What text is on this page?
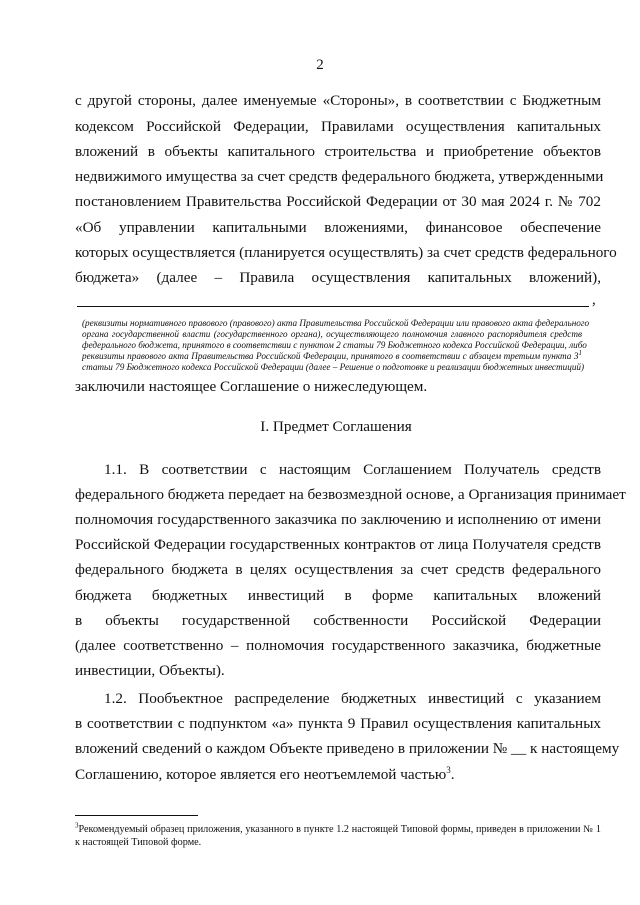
2
с другой стороны, далее именуемые «Стороны», в соответствии с Бюджетным
кодексом Российской Федерации, Правилами осуществления капитальных
вложений в объекты капитального строительства и приобретение объектов
недвижимого имущества за счет средств федерального бюджета, утвержденными
постановлением Правительства Российской Федерации от 30 мая 2024 г. № 702
«Об управлении капитальными вложениями, финансовое обеспечение
которых осуществляется (планируется осуществлять) за счет средств федерального
бюджета» (далее – Правила осуществления капитальных вложений),
,
(реквизиты нормативного правового (правового) акта Правительства Российской Федерации или правового акта федерального
органа государственной власти (государственного органа), осуществляющего полномочия главного распорядителя средств
федерального бюджета, принятого в соответствии с пунктом 2 статьи 79 Бюджетного кодекса Российской Федерации, либо
реквизиты правового акта Правительства Российской Федерации, принятого в соответствии с абзацем третьим пункта $3^1$
статьи 79 Бюджетного кодекса Российской Федерации (далее – Решение о подготовке и реализации бюджетных инвестиций)
заключили настоящее Соглашение о нижеследующем.
I. Предмет Соглашения
1.1. В соответствии с настоящим Соглашением Получатель средств
федерального бюджета передает на безвозмездной основе, а Организация принимает
полномочия государственного заказчика по заключению и исполнению от имени
Российской Федерации государственных контрактов от лица Получателя средств
федерального бюджета в целях осуществления за счет средств федерального
бюджета бюджетных инвестиций в форме капитальных вложений
в объекты государственной собственности Российской Федерации
(далее соответственно – полномочия государственного заказчика, бюджетные
инвестиции, Объекты).
1.2. Пообъектное распределение бюджетных инвестиций с указанием
в соответствии с подпунктом «а» пункта 9 Правил осуществления капитальных
вложений сведений о каждом Объекте приведено в приложении № __ к настоящему
Соглашению, которое является его неотъемлемой частью$^3$.
$^3$Рекомендуемый образец приложения, указанного в пункте 1.2 настоящей Типовой формы, приведен в приложении № 1
к настоящей Типовой форме.
